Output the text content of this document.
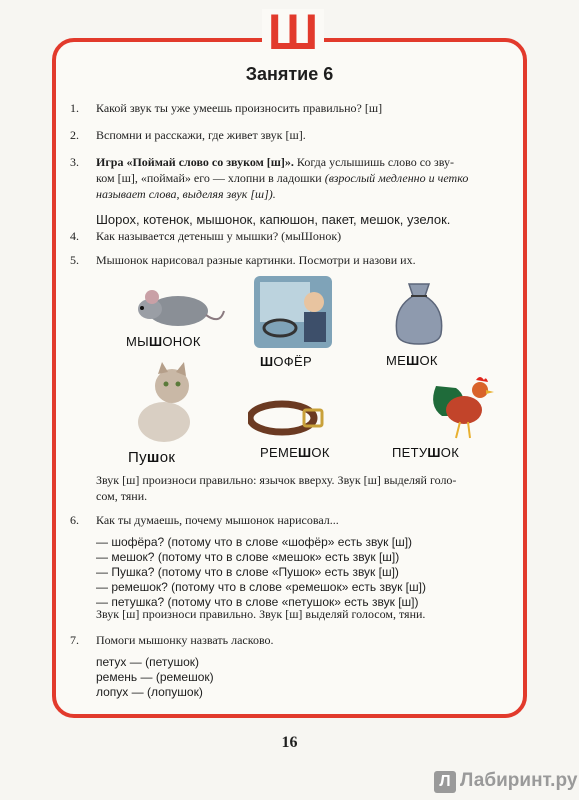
Ш
Занятие 6
1. Какой звук ты уже умеешь произносить правильно? [ш]
2. Вспомни и расскажи, где живет звук [ш].
3. Игра «Поймай слово со звуком [ш]». Когда услышишь слово со зву-
ком [ш], «поймай» его — хлопни в ладошки (взрослый медленно и четко
называет слова, выделяя звук [ш]).
Шорох, котенок, мышонок, капюшон, пакет, мешок, узелок.
4. Как называется детеныш у мышки? (мыШонок)
5. Мышонок нарисовал разные картинки. Посмотри и назови их.
МЫШОНОК
ШОФЁР	МЕШОК
Пушок	РЕМЕШОК	ПЕТУШОК
Звук [ш] произноси правильно: язычок вверху. Звук [ш] выделяй голо-
сом, тяни.
6. Как ты думаешь, почему мышонок нарисовал...
— шофёра? (потому что в слове «шофёр» есть звук [ш])
— мешок? (потому что в слове «мешок» есть звук [ш])
— Пушка? (потому что в слове «Пушок» есть звук [ш])
— ремешок? (потому что в слове «ремешок» есть звук [ш])
— петушка? (потому что в слове «петушок» есть звук [ш])
Звук [ш] произноси правильно. Звук [ш] выделяй голосом, тяни.
7. Помоги мышонку назвать ласково.
петух — (петушок)
ремень — (ремешок)
лопух — (лопушок)
16
Л Лабиринт.ру
